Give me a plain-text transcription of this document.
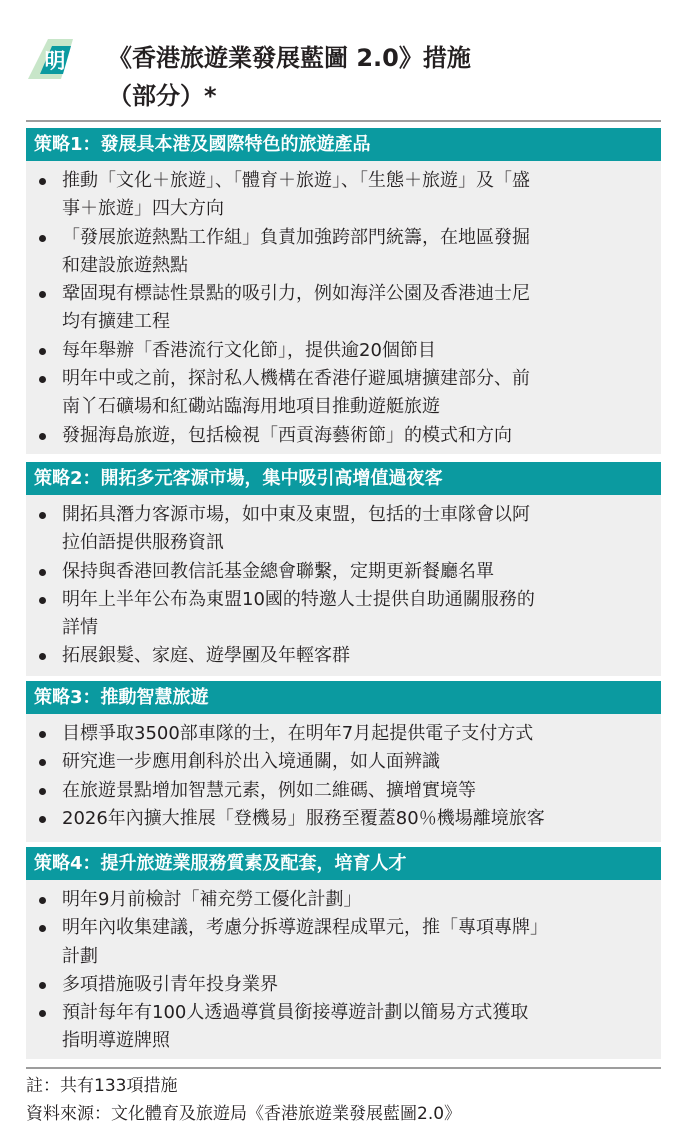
明 《香港旅遊業發展藍圖 2.0》措施
（部分）*
策略1：發展具本港及國際特色的旅遊產品
推動「文化＋旅遊」、「體育＋旅遊」、「生態＋旅遊」及「盛
事＋旅遊」四大方向
「發展旅遊熱點工作組」負責加強跨部門統籌，在地區發掘
和建設旅遊熱點
鞏固現有標誌性景點的吸引力，例如海洋公園及香港迪士尼
均有擴建工程
每年舉辦「香港流行文化節」，提供逾20個節目
明年中或之前，探討私人機構在香港仔避風塘擴建部分、前
南丫石礦場和紅磡站臨海用地項目推動遊艇旅遊
發掘海島旅遊，包括檢視「西貢海藝術節」的模式和方向
策略2：開拓多元客源市場，集中吸引高增值過夜客
開拓具潛力客源市場，如中東及東盟，包括的士車隊會以阿
拉伯語提供服務資訊
保持與香港回教信託基金總會聯繫，定期更新餐廳名單
明年上半年公布為東盟10國的特邀人士提供自助通關服務的
詳情
拓展銀髮、家庭、遊學團及年輕客群
策略3：推動智慧旅遊
目標爭取3500部車隊的士，在明年7月起提供電子支付方式
研究進一步應用創科於出入境通關，如人面辨識
在旅遊景點增加智慧元素，例如二維碼、擴增實境等
2026年內擴大推展「登機易」服務至覆蓋80％機場離境旅客
策略4：提升旅遊業服務質素及配套，培育人才
明年9月前檢討「補充勞工優化計劃」
明年內收集建議，考慮分拆導遊課程成單元，推「專項專牌」
計劃
多項措施吸引青年投身業界
預計每年有100人透過導賞員銜接導遊計劃以簡易方式獲取
指明導遊牌照
註：共有133項措施
資料來源：文化體育及旅遊局《香港旅遊業發展藍圖2.0》
